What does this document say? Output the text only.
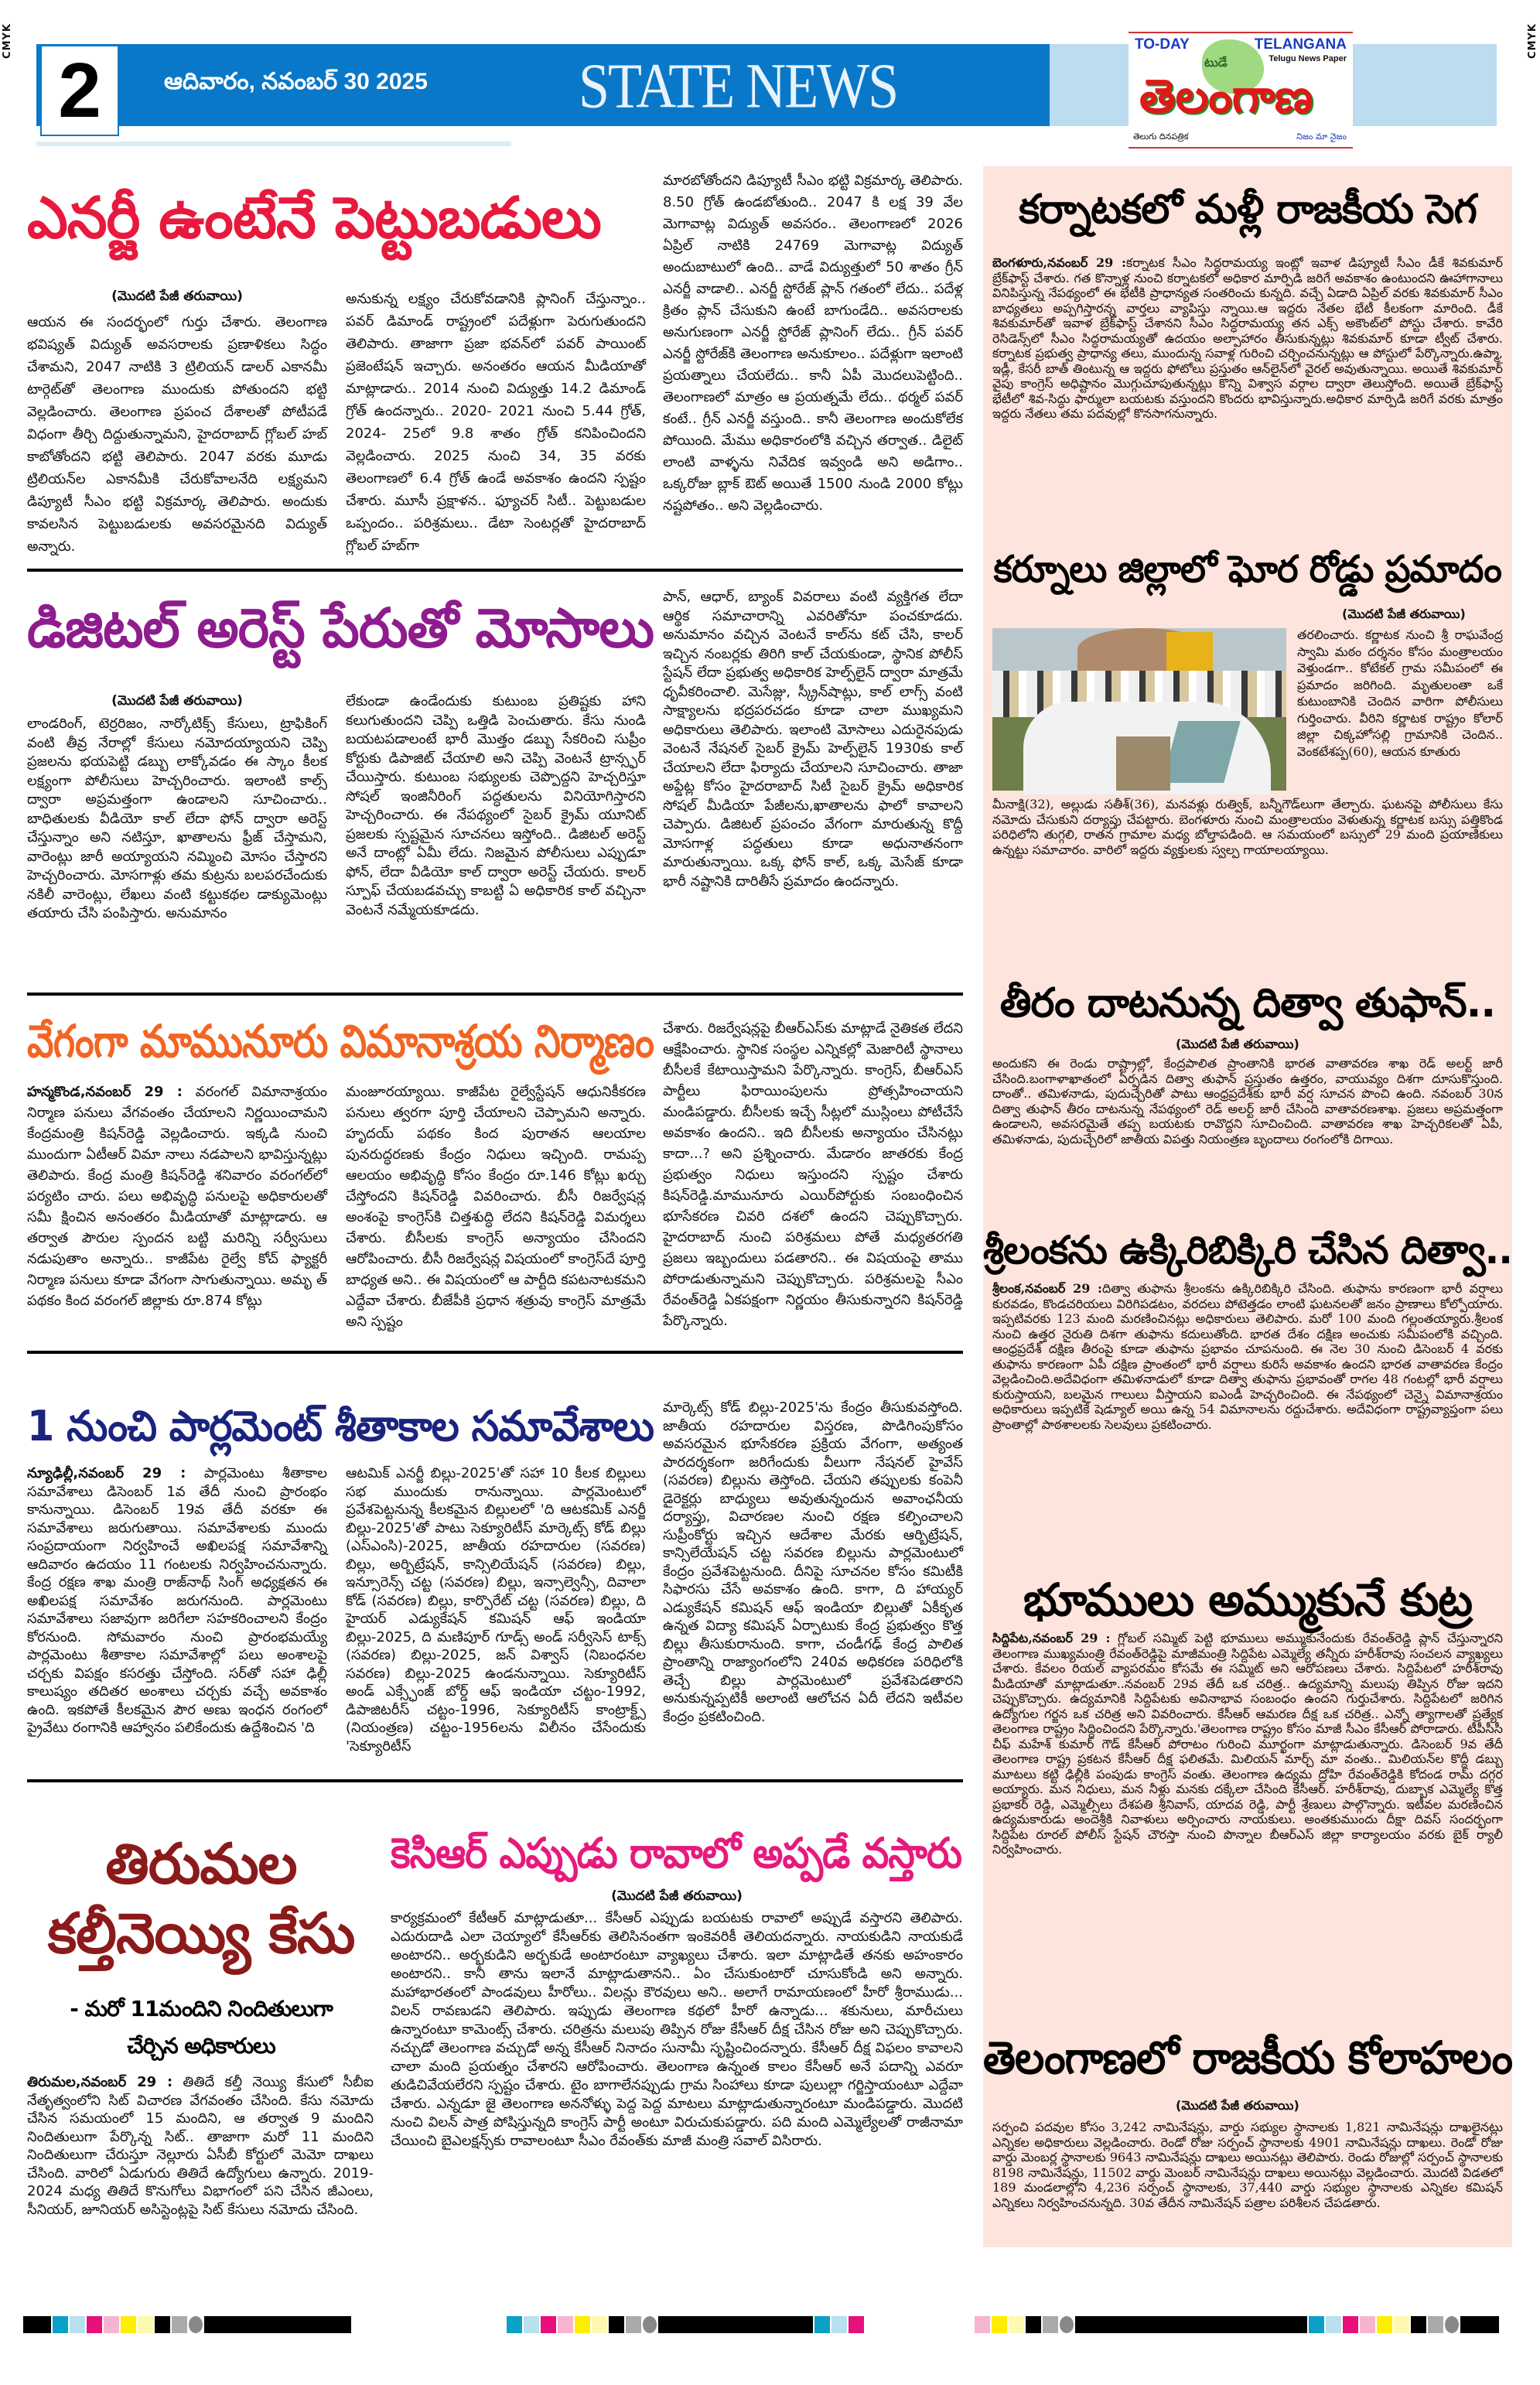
CMYK	CMYK
2	ఆదివారం, నవంబర్ 30 2025	STATE NEWS
TO-DAY	TELANGANA
Telugu News Paper
టుడే
తెలంగాణ
తెలుగు దినపత్రిక	నిజం మా నైజం
ఎనర్జీ ఉంటేనే పెట్టుబడులు
(మొదటి పేజీ తరువాయి)
ఆయన ఈ సందర్భంలో గుర్తు చేశారు. తెలంగాణ భవిష్యత్ విద్యుత్ అవసరాలకు ప్రణాళికలు సిద్ధం చేశామని, 2047 నాటికి 3 ట్రిలియన్ డాలర్ ఎకానమీ టార్గెట్‌తో తెలంగాణ ముందుకు పోతుందని భట్టి వెల్లడించారు. తెలంగాణ ప్రపంచ దేశాలతో పోటీపడే విధంగా తీర్చి దిద్దుతున్నామని, హైదరాబాద్ గ్లోబల్ హబ్ కాబోతోందని భట్టి తెలిపారు. 2047 వరకు మూడు ట్రిలియన్‌ల ఎకానమీకి చేరుకోవాలనేది లక్ష్యమని డిప్యూటీ సీఎం భట్టి విక్రమార్క తెలిపారు. అందుకు కావలసిన పెట్టుబడులకు అవసరమైనది విద్యుత్ అన్నారు.
అనుకున్న లక్ష్యం చేరుకోవడానికి ప్లానింగ్ చేస్తున్నాం.. పవర్ డిమాండ్ రాష్ట్రంలో పదేళ్లుగా పెరుగుతుందని తెలిపారు. తాజాగా ప్రజా భవన్‌లో పవర్ పాయింట్ ప్రజెంటేషన్ ఇచ్చారు. అనంతరం ఆయన మీడియాతో మాట్లాడారు.. 2014 నుంచి విద్యుత్తు 14.2 డిమాండ్ గ్రోత్ ఉందన్నారు.. 2020- 2021 నుంచి 5.44 గ్రోత్, 2024- 25లో 9.8 శాతం గ్రోత్ కనిపించిందని వెల్లడించారు. 2025 నుంచి 34, 35 వరకు తెలంగాణలో 6.4 గ్రోత్ ఉండే అవకాశం ఉందని స్పష్టం చేశారు. మూసీ ప్రక్షాళన.. ఫ్యూచర్ సిటీ.. పెట్టుబడుల ఒప్పందం.. పరిశ్రమలు.. డేటా సెంటర్లతో హైదరాబాద్ గ్లోబల్ హబ్‌గా
మారబోతోందని డిప్యూటీ సీఎం భట్టి విక్రమార్క తెలిపారు. 8.50 గ్రోత్ ఉండబోతుంది.. 2047 కి లక్ష 39 వేల మెగావాట్ల విద్యుత్ అవసరం.. తెలంగాణలో 2026 ఏప్రిల్ నాటికి 24769 మెగావాట్ల విద్యుత్ అందుబాటులో ఉంది.. వాడే విద్యుత్తులో 50 శాతం గ్రీన్ ఎనర్జీ వాడాలి.. ఎనర్జీ స్టోరేజ్ ప్లాన్ గతంలో లేదు.. పదేళ్ల క్రితం ప్లాన్ చేసుకుని ఉంటే బాగుండేది.. అవసరాలకు అనుగుణంగా ఎనర్జీ స్టోరేజ్ ప్లానింగ్ లేదు.. గ్రీన్ పవర్ ఎనర్జీ స్టోరేజ్‌కి తెలంగాణ అనుకూలం.. పదేళ్లుగా ఇలాంటి ప్రయత్నాలు చేయలేదు.. కానీ ఏపీ మొదలుపెట్టింది.. తెలంగాణలో మాత్రం ఆ ప్రయత్నమే లేదు.. థర్మల్ పవర్ కంటే.. గ్రీన్ ఎనర్జీ వస్తుంది.. కానీ తెలంగాణ అందుకోలేక పోయింది. మేము అధికారంలోకి వచ్చిన తర్వాత.. డిలైట్ లాంటి వాళ్ళను నివేదిక ఇవ్వండి అని అడిగాం.. ఒక్కరోజు బ్లాక్ ఔట్ అయితే 1500 నుండి 2000 కోట్లు నష్టపోతం.. అని వెల్లడించారు.
డిజిటల్ అరెస్ట్ పేరుతో మోసాలు
(మొదటి పేజీ తరువాయి)
లాండరింగ్, టెర్రరిజం, నార్కోటిక్స్ కేసులు, ట్రాఫికింగ్ వంటి తీవ్ర నేరాల్లో కేసులు నమోదయ్యాయని చెప్పి ప్రజలను భయపెట్టి డబ్బు లాక్కోవడం ఈ స్కాం కీలక లక్ష్యంగా పోలీసులు హెచ్చరించారు. ఇలాంటి కాల్స్ ద్వారా అప్రమత్తంగా ఉండాలని సూచించారు.. బాధితులకు వీడియో కాల్ లేదా ఫోన్ ద్వారా అరెస్ట్ చేస్తున్నాం అని నటిస్తూ, ఖాతాలను ఫ్రీజ్ చేస్తామని, వారెంట్లు జారీ అయ్యాయని నమ్మించి మోసం చేస్తారని హెచ్చరించారు. మోసగాళ్లు తమ కుట్రను బలపరచేందుకు నకిలీ వారెంట్లు, లేఖలు వంటి కట్టుకథల డాక్యుమెంట్లు తయారు చేసి పంపిస్తారు. అనుమానం
లేకుండా ఉండేందుకు కుటుంబ ప్రతిష్టకు హాని కలుగుతుందని చెప్పి ఒత్తిడి పెంచుతారు. కేసు నుండి బయటపడాలంటే భారీ మొత్తం డబ్బు సేకరించి సుప్రీం కోర్టుకు డిపాజిట్ చేయాలి అని చెప్పి వెంటనే ట్రాన్స్ఫర్ చేయిస్తారు. కుటుంబ సభ్యులకు చెప్పొద్దని హెచ్చరిస్తూ సోషల్ ఇంజినీరింగ్ పద్ధతులను వినియోగిస్తారని హెచ్చరించారు. ఈ నేపథ్యంలో సైబర్ క్రైమ్ యూనిట్ ప్రజలకు స్పష్టమైన సూచనలు ఇస్తోంది.. డిజిటల్ అరెస్ట్ అనే దాంట్లో ఏమీ లేదు. నిజమైన పోలీసులు ఎప్పుడూ ఫోన్, లేదా వీడియో కాల్ ద్వారా అరెస్ట్ చేయరు. కాలర్ స్పూఫ్ చేయబడవచ్చు కాబట్టి ఏ అధికారిక కాల్ వచ్చినా వెంటనే నమ్మేయకూడదు.
పాన్, ఆధార్, బ్యాంక్ వివరాలు వంటి వ్యక్తిగత లేదా ఆర్థిక సమాచారాన్ని ఎవరితోనూ పంచకూడదు. అనుమానం వచ్చిన వెంటనే కాల్‌ను కట్ చేసి, కాలర్ ఇచ్చిన నంబర్లకు తిరిగి కాల్ చేయకుండా, స్థానిక పోలీస్ స్టేషన్ లేదా ప్రభుత్వ అధికారిక హెల్ప్‌లైన్ ద్వారా మాత్రమే ధృవీకరించాలి. మెసేజ్లు, స్క్రీన్‌షాట్లు, కాల్ లాగ్స్ వంటి సాక్ష్యాలను భద్రపరచడం కూడా చాలా ముఖ్యమని అధికారులు తెలిపారు. ఇలాంటి మోసాలు ఎదురైనపుడు వెంటనే నేషనల్ సైబర్ క్రైమ్ హెల్ప్‌లైన్ 1930కు కాల్ చేయాలని లేదా ఫిర్యాదు చేయాలని సూచించారు. తాజా అప్డేట్ల కోసం హైదరాబాద్ సిటీ సైబర్ క్రైమ్ అధికారిక సోషల్ మీడియా పేజీలను,ఖాతాలను ఫాలో కావాలని చెప్పారు. డిజిటల్ ప్రపంచం వేగంగా మారుతున్న కొద్దీ మోసగాళ్ల పద్ధతులు కూడా అధునాతనంగా మారుతున్నాయి. ఒక్క ఫోన్ కాల్, ఒక్క మెసేజ్ కూడా భారీ నష్టానికి దారితీసే ప్రమాదం ఉందన్నారు.
వేగంగా మామునూరు విమానాశ్రయ నిర్మాణం
హన్మకొండ,నవంబర్ 29 : వరంగల్ విమానాశ్రయం నిర్మాణ పనులు వేగవంతం చేయాలని నిర్ణయించామని కేంద్రమంత్రి కిషన్‌రెడ్డి వెల్లడించారు. ఇక్కడి నుంచి ముందుగా ఏటీఆర్ విమా నాలు నడపాలని భావిస్తున్నట్లు తెలిపారు. కేంద్ర మంత్రి కిషన్‌రెడ్డి శనివారం వరంగల్‌లో పర్యటిం చారు. పలు అభివృద్ధి పనులపై అధికారులతో సమీ క్షించిన అనంతరం మీడియాతో మాట్లాడారు. ఆ తర్వాత పౌరుల స్పందన బట్టి మరిన్ని సర్వీసులు నడుపుతాం అన్నారు.. కాజీపేట రైల్వే కోచ్ ఫ్యాక్టరీ నిర్మాణ పనులు కూడా వేగంగా సాగుతున్నాయి. అమృ త్ పథకం కింద వరంగల్ జిల్లాకు రూ.874 కోట్లు
మంజూరయ్యాయి. కాజీపేట రైల్వేస్టేషన్ ఆధునికీకరణ పనులు త్వరగా పూర్తి చేయాలని చెప్పామని అన్నారు. హృదయ్ పథకం కింద పురాతన ఆలయాల పునరుద్ధరణకు కేంద్రం నిధులు ఇచ్చింది. రామప్ప ఆలయం అభివృద్ధి కోసం కేంద్రం రూ.146 కోట్లు ఖర్చు చేస్తోందని కిషన్‌రెడ్డి వివరించారు. బీసీ రిజర్వేషన్ల అంశంపై కాంగ్రెస్‌కి చిత్తశుద్ధి లేదని కిషన్‌రెడ్డి విమర్శలు చేశారు. బీసీలకు కాంగ్రెస్ అన్యాయం చేసిందని ఆరోపించారు. బీసీ రిజర్వేషన్ల విషయంలో కాంగ్రెస్‌దే పూర్తి బాధ్యత అని.. ఈ విషయంలో ఆ పార్టీది కపటనాటకమని ఎద్దేవా చేశారు. బీజేపీకి ప్రధాన శత్రువు కాంగ్రెస్ మాత్రమే అని స్పష్టం
చేశారు. రిజర్వేషన్లపై బీఆర్ఎస్‌కు మాట్లాడే నైతికత లేదని ఆక్షేపించారు. స్థానిక సంస్థల ఎన్నికల్లో మెజారిటీ స్థానాలు బీసీలకే కేటాయిస్తామని పేర్కొన్నారు. కాంగ్రెస్, బీఆర్ఎస్ పార్టీలు ఫిరాయింపులను ప్రోత్సహించాయని మండిపడ్డారు. బీసీలకు ఇచ్చే సీట్లలో ముస్లింలు పోటీచేసే అవకాశం ఉందని.. ఇది బీసీలకు అన్యాయం చేసినట్లు కాదా...? అని ప్రశ్నించారు. మేడారం జాతరకు కేంద్ర ప్రభుత్వం నిధులు ఇస్తుందని స్పష్టం చేశారు కిషన్‌రెడ్డి.మామునూరు ఎయిర్‌పోర్టుకు సంబంధించిన భూసేకరణ చివరి దశలో ఉందని చెప్పుకొచ్చారు. హైదరాబాద్ నుంచి పరిశ్రమలు పోతే మధ్యతరగతి ప్రజలు ఇబ్బందులు పడతారని.. ఈ విషయంపై తాము పోరాడుతున్నామని చెప్పుకొచ్చారు. పరిశ్రమలపై సీఎం రేవంత్‌రెడ్డి ఏకపక్షంగా నిర్ణయం తీసుకున్నారని కిషన్‌రెడ్డి పేర్కొన్నారు.
1 నుంచి పార్లమెంట్ శీతాకాల సమావేశాలు
న్యూఢిల్లీ,నవంబర్ 29 : పార్లమెంటు శీతాకాల సమావేశాలు డిసెంబర్ 1వ తేదీ నుంచి ప్రారంభం కానున్నాయి. డిసెంబర్ 19వ తేదీ వరకూ ఈ సమావేశాలు జరుగుతాయి. సమావేశాలకు ముందు సంప్రదాయంగా నిర్వహించే అఖిలపక్ష సమావేశాన్ని ఆదివారం ఉదయం 11 గంటలకు నిర్వహించనున్నారు. కేంద్ర రక్షణ శాఖ మంత్రి రాజ్‌నాథ్ సింగ్ అధ్యక్షతన ఈ అఖిలపక్ష సమావేశం జరుగనుంది. పార్లమెంటు సమావేశాలు సజావుగా జరిగేలా సహకరించాలని కేంద్రం కోరనుంది. సోమవారం నుంచి ప్రారంభమయ్యే పార్లమెంటు శీతాకాల సమావేశాల్లో పలు అంశాలపై చర్చకు విపక్షం కసరత్తు చేస్తోంది. సర్‌తో సహా ఢిల్లీ కాలుష్యం తదితర అంశాలు చర్చకు వచ్చే అవకాశం ఉంది. ఇకపోతే కీలకమైన పౌర అణు ఇంధన రంగంలో ప్రైవేటు రంగానికి ఆహ్వానం పలికేందుకు ఉద్దేశించిన 'ది
ఆటమిక్ ఎనర్జీ బిల్లు-2025'తో సహా 10 కీలక బిల్లులు సభ ముందుకు రానున్నాయి. పార్లమెంటులో ప్రవేశపెట్టనున్న కీలకమైన బిల్లులలో 'ది ఆటకమిక్ ఎనర్జీ బిల్లు-2025'తో పాటు సెక్యూరిటీస్ మార్కెట్స్ కోడ్ బిల్లు (ఎస్ఎంసి)-2025, జాతీయ రహదారుల (సవరణ) బిల్లు, అర్బిట్రేషన్, కాన్సిలియేషన్ (సవరణ) బిల్లు, ఇన్సూరెన్స్ చట్ట (సవరణ) బిల్లు, ఇన్సాల్వెన్సీ, దివాలా కోడ్ (సవరణ) బిల్లు, కార్పొరేట్ చట్ట (సవరణ) బిల్లు, ది హైయర్ ఎడ్యుకేషన్ కమిషన్ ఆఫ్ ఇండియా బిల్లు-2025, ది మణిపూర్ గూడ్స్ అండ్ సర్వీసెస్ టాక్స్ (సవరణ) బిల్లు-2025, జన్ విశ్వాస్ (నిబంధనల సవరణ) బిల్లు-2025 ఉండనున్నాయి. సెక్యూరిటీస్ అండ్ ఎక్స్ఛేంజ్ బోర్డ్ ఆఫ్ ఇండియా చట్టం-1992, డిపాజిటరీస్ చట్టం-1996, సెక్యూరిటీస్ కాంట్రాక్ట్స్ (నియంత్రణ) చట్టం-1956లను విలీనం చేసేందుకు 'సెక్యూరిటీస్
మార్కెట్స్ కోడ్ బిల్లు-2025'ను కేంద్రం తీసుకువస్తోంది. జాతీయ రహదారుల విస్తరణ, పొడిగింపుకోసం అవసరమైన భూసేకరణ ప్రక్రియ వేగంగా, అత్యంత పారదర్శకంగా జరిగేందుకు వీలుగా నేషనల్ హైవేస్ (సవరణ) బిల్లును తెస్తోంది. చేయని తప్పులకు కంపెనీ డైరెక్టర్లు బాధ్యులు అవుతున్నందున అవాంఛనీయ దర్యాప్తు, విచారణల నుంచి రక్షణ కల్పించాలని సుప్రీంకోర్టు ఇచ్చిన ఆదేశాల మేరకు ఆర్బిట్రేషన్, కాన్సిలేయేషన్ చట్ట సవరణ బిల్లును పార్లమెంటులో కేంద్రం ప్రవేశపెట్టనుంది. దీనిపై సూచనల కోసం కమిటీకి సిఫారసు చేసే అవకాశం ఉంది. కాగా, ది హాయ్యర్ ఎడ్యుకేషన్ కమిషన్ ఆఫ్ ఇండియా బిల్లుతో ఏకీకృత ఉన్నత విద్యా కమిషన్ ఏర్పాటుకు కేంద్ర ప్రభుత్వం కొత్త బిల్లు తీసుకురానుంది. కాగా, చండీగఢ్ కేంద్ర పాలిత ప్రాంతాన్ని రాజ్యాంగంలోని 240వ అధికరణ పరిధిలోకి తెచ్చే బిల్లు పార్లమెంటులో ప్రవేశపెడతారని అనుకున్నప్పటికీ అలాంటి ఆలోచన ఏదీ లేదని ఇటీవల కేంద్రం ప్రకటించింది.
తిరుమల
కల్తీనెయ్యి కేసు
- మరో 11మందిని నిందితులుగా
చేర్చిన అధికారులు
తిరుమల,నవంబర్ 29 : తితిదే కల్తీ నెయ్యి కేసులో సీబీఐ నేతృత్వంలోని సిట్ విచారణ వేగవంతం చేసింది. కేసు నమోదు చేసిన సమయంలో 15 మందిని, ఆ తర్వాత 9 మందిని నిందితులుగా పేర్కొన్న సిట్.. తాజాగా మరో 11 మందిని నిందితులుగా చేరుస్తూ నెల్లూరు ఏసీబీ కోర్టులో మెమో దాఖలు చేసింది. వారిలో ఏడుగురు తితిదే ఉద్యోగులు ఉన్నారు. 2019-2024 మధ్య తితిదే కొనుగోలు విభాగంలో పని చేసిన జీఎంలు, సీనియర్, జూనియర్ అసిస్టెంట్లపై సిట్ కేసులు నమోదు చేసింది.
కెసిఆర్ ఎప్పుడు రావాలో అప్పడే వస్తారు
(మొదటి పేజీ తరువాయి)
కార్యక్రమంలో కేటీఆర్ మాట్లాడుతూ... కేసీఆర్ ఎప్పుడు బయటకు రావాలో అప్పుడే వస్తారని తెలిపారు. ఎదురుదాడి ఎలా చెయ్యాలో కేసీఆర్‌కు తెలిసినంతగా ఇంకెవరికీ తెలియదన్నారు. నాయకుడిని నాయకుడే అంటారని.. అర్భకుడిని అర్భకుడే అంటారంటూ వ్యాఖ్యలు చేశారు. ఇలా మాట్లాడితే తనకు అహంకారం అంటారని.. కానీ తాను ఇలానే మాట్లాడుతానని.. ఏం చేసుకుంటారో చూసుకోండి అని అన్నారు. మహాభారతంలో పాండవులు హీరోలు.. విలన్లు కౌరవులు అని.. అలాగే రామాయణంలో హీరో శ్రీరాముడు... విలన్ రావణుడని తెలిపారు. ఇప్పుడు తెలంగాణ కథలో హీరో ఉన్నాడు... శకునులు, మారీచులు ఉన్నారంటూ కామెంట్స్ చేశారు. చరిత్రను మలుపు తిప్పిన రోజు కేసీఆర్ దీక్ష చేసిన రోజు అని చెప్పుకొచ్చారు. నచ్చుడో తెలంగాణ వచ్చుడో అన్న కేసీఆర్ నినాదం సునామీ సృష్టించిందన్నారు. కేసీఆర్ దీక్ష విఫలం కావాలని చాలా మంది ప్రయత్నం చేశారని ఆరోపించారు. తెలంగాణ ఉన్నంత కాలం కేసీఆర్ అనే పదాన్ని ఎవరూ తుడిచివేయలేరని స్పష్టం చేశారు. టైం బాగాలేనప్పుడు గ్రామ సింహాలు కూడా పులుల్లా గర్జిస్తాయంటూ ఎద్దేవా చేశారు. ఎన్నడూ జై తెలంగాణ అననోళ్ళు పెద్ద పెద్ద మాటలు మాట్లాడుతున్నారంటూ మండిపడ్డారు. మొదటి నుంచి విలన్ పాత్ర పోషిస్తున్నది కాంగ్రెస్ పార్టీ అంటూ విరుచుకుపడ్డారు. పది మంది ఎమ్మెల్యేలతో రాజీనామా చేయించి బైఎలక్షన్స్‌కు రావాలంటూ సీఎం రేవంత్‌కు మాజీ మంత్రి సవాల్ విసిరారు.
కర్నాటకలో మళ్లీ రాజకీయ సెగ
బెంగళూరు,నవంబర్ 29 :కర్నాటక సీఎం సిద్ధరామయ్య ఇంట్లో ఇవాళ డిప్యూటీ సీఎం డీకే శివకుమార్ బ్రేక్‌ఫాస్ట్ చేశారు. గత కొన్నాళ్ల నుంచి కర్నాటకలో అధికార మార్పిడి జరిగే అవకాశం ఉంటుందని ఊహాగానాలు వినిపిస్తున్న నేపథ్యంలో ఈ భేటీకి ప్రాధాన్యత సంతరించు కున్నది. వచ్చే ఏడాది ఏప్రిల్ వరకు శివకుమార్ సీఎం బాధ్యతలు అప్పగిస్తారన్న వార్తలు వ్యాపిస్తు న్నాయి.ఆ ఇద్దరు నేతల భేటీ కీలకంగా మారింది. డీకే శివకుమార్‌తో ఇవాళ బ్రేక్‌ఫాస్ట్ చేశానని సీఎం సిద్ధరామయ్య తన ఎక్స్ అకౌంట్‌లో పోస్టు చేశారు. కావేరి రెసిడెన్స్‌లో సీఎం సిద్ధరామయ్యతో ఉదయం అల్పాహారం తీసుకున్నట్లు శివకుమార్ కూడా ట్వీట్ చేశారు. కర్నాటక ప్రభుత్వ ప్రాధాన్య తలు, ముందున్న సవాళ్ల గురించి చర్చించనున్నట్లు ఆ పోస్టులో పేర్కొన్నారు.ఉప్మా, ఇడ్లీ, కేసరీ బాత్ తింటున్న ఆ ఇద్దరు ఫోటోలు ప్రస్తుతం ఆన్‌లైన్‌లో వైరల్ అవుతున్నాయి. అయితే శివకుమార్ వైపు కాంగ్రెస్ అధిష్టానం మొగ్గుచూపుతున్నట్లు కొన్ని విశ్వాస వర్గాల ద్వారా తెలుస్తోంది. అయితే బ్రేక్‌ఫాస్ట్ భేటీలో శివ-సిద్ధు ఫార్ములా బయటకు వస్తుందని కొందరు భావిస్తున్నారు.అధికార మార్పిడి జరిగే వరకు మాత్రం ఇద్దరు నేతలు తమ పదవుల్లో కొనసాగనున్నారు.
కర్నూలు జిల్లాలో ఘోర రోడ్డు ప్రమాదం
(మొదటి పేజీ తరువాయి)
తరలించారు. కర్ణాటక నుంచి శ్రీ రాఘవేంద్ర స్వామి మఠం దర్శనం కోసం మంత్రాలయం వెళ్తుండగా.. కోటేకల్ గ్రామ సమీపంలో ఈ ప్రమాదం జరిగింది. మృతులంతా ఒకే కుటుంబానికి చెందిన వారిగా పోలీసులు గుర్తించారు. వీరిని కర్ణాటక రాష్ట్రం కోలార్ జిల్లా చిక్కహోసల్లి గ్రామానికి చెందిన.. వెంకటేశప్ప(60), ఆయన కూతురు
మీనాక్షి(32), అల్లుడు సతీశ్(36), మనవళ్లు రుత్విక్, బన్నీగౌడ్‌లుగా తేల్చారు. ఘటనపై పోలీసులు కేసు నమోదు చేసుకుని దర్యాప్తు చేపట్టారు. బెంగళూరు నుంచి మంత్రాలయం వెళుతున్న కర్ణాటక బస్సు పత్తికొండ పరిధిలోని తుగ్గలి, రాతన గ్రామాల మధ్య బోల్తాపడింది. ఆ సమయంలో బస్సులో 29 మంది ప్రయాణికులు ఉన్నట్టు సమాచారం. వారిలో ఇద్దరు వ్యక్తులకు స్వల్ప గాయాలయ్యాయి.
తీరం దాటనున్న దిత్వా తుఫాన్..
(మొదటి పేజీ తరువాయి)
అందుకని ఈ రెండు రాష్ట్రాల్లో, కేంద్రపాలిత ప్రాంతానికి భారత వాతావరణ శాఖ రెడ్ అలర్ట్ జారీ చేసింది.బంగాళాఖాతంలో ఏర్పడిన దిత్వా తుఫాన్ ప్రస్తుతం ఉత్తరం, వాయువ్యం దిశగా దూసుకొస్తుంది. దాంతో.. తమిళనాడు, పుదుచ్చేరితో పాటు ఆంధ్రప్రదేశ్‌కు భారీ వర్ష సూచన పొంచి ఉంది. నవంబర్ 30న దిత్వా తుఫాన్ తీరం దాటనున్న నేపథ్యంలో రెడ్ అలర్ట్ జారీ చేసింది వాతావరణశాఖ. ప్రజలు అప్రమత్తంగా ఉండాలని, అవసరమైతే తప్ప బయటకు రావొద్దని సూచించింది. వాతావరణ శాఖ హెచ్చరికలతో ఏపీ, తమిళనాడు, పుదుచ్చేరిలో జాతీయ విపత్తు నియంత్రణ బృందాలు రంగంలోకి దిగాయి.
శ్రీలంకను ఉక్కిరిబిక్కిరి చేసిన దిత్వా..
శ్రీలంక,నవంబర్ 29 :దిత్వా తుఫాను శ్రీలంకను ఉక్కిరిబిక్కిరి చేసింది. తుఫాను కారణంగా భారీ వర్షాలు కురవడం, కొండచరియలు విరిగిపడటం, వరదలు పోటెత్తడం లాంటి ఘటనలతో జనం ప్రాణాలు కోల్పోయారు. ఇప్పటివరకు 123 మంది మరణించినట్లు అధికారులు తెలిపారు. మరో 100 మంది గల్లంతయ్యారు.శ్రీలంక నుంచి ఉత్తర నైరుతి దిశగా తుఫాను కదులుతోంది. భారత దేశం దక్షిణ అంచుకు సమీపంలోకి వచ్చింది. ఆంధ్రప్రదేశ్ దక్షిణ తీరంపై కూడా తుఫాను ప్రభావం చూపనుంది. ఈ నెల 30 నుంచి డిసెంబర్ 4 వరకు తుఫాను కారణంగా ఏపీ దక్షిణ ప్రాంతంలో భారీ వర్షాలు కురిసే అవకాశం ఉందని భారత వాతావరణ కేంద్రం వెల్లడించింది.అదేవిధంగా తమిళనాడులో కూడా దిత్వా తుఫాను ప్రభావంతో రాగల 48 గంటల్లో భారీ వర్షాలు కురుస్తాయని, బలమైన గాలులు వీస్తాయని ఐఎండీ హెచ్చరించింది. ఈ నేపథ్యంలో చెన్నై విమానాశ్రయం అధికారులు ఇప్పటికే షెడ్యూల్ అయి ఉన్న 54 విమానాలను రద్దుచేశారు. అదేవిధంగా రాష్ట్రవ్యాప్తంగా పలు ప్రాంతాల్లో పాఠశాలలకు సెలవులు ప్రకటించారు.
భూములు అమ్ముకునే కుట్ర
సిద్దిపేట,నవంబర్ 29 : గ్లోబల్ సమ్మిట్ పెట్టి భూములు అమ్ముకునేందుకు రేవంత్‌రెడ్డి ప్లాన్ చేస్తున్నారని తెలంగాణ ముఖ్యమంత్రి రేవంత్‌రెడ్డిపై మాజీమంత్రి సిద్దిపేట ఎమ్మెల్యే తన్నీరు హరీశ్‌రావు సంచలన వ్యాఖ్యలు చేశారు. కేవలం రియల్ వ్యాపరమం కోసమే ఈ సమ్మిట్ అని ఆరోపణలు చేశారు. సిద్దిపేటలో హరీశ్‌రావు మీడియాతో మాట్లాడుతూ..నవంబర్ 29వ తేదీ ఒక చరిత్ర.. ఉద్యమాన్ని మలుపు తిప్పిన రోజు ఇదని చెప్పుకొచ్చారు. ఉద్యమానికి సిద్దిపేటకు అవినాభావ సంబంధం ఉందని గుర్తుచేశారు. సిద్దిపేటలో జరిగిన ఉద్యోగుల గర్జన ఒక చరిత్ర అని వివరించారు. కేసీఆర్ ఆమరణ దీక్ష ఒక చరిత్ర.. ఎన్నో త్యాగాలతో ప్రత్యేక తెలంగాణ రాష్ట్రం సిద్ధించిందని పేర్కొన్నారు.'తెలంగాణ రాష్ట్రం కోసం మాజీ సీఎం కేసీఆర్ పోరాడారు. టీపీసీసీ చీఫ్ మహేశ్ కుమార్ గౌడ్ కేసీఆర్ పోరాటం గురించి మూర్ఖంగా మాట్లాడుతున్నారు. డిసెంబర్ 9వ తేదీ తెలంగాణ రాష్ట్ర ప్రకటన కేసీఆర్ దీక్ష ఫలితమే. మిలియన్ మార్చ్ మా వంతు.. మిలియన్‌ల కొద్దీ డబ్బు మూటలు కట్టి ఢిల్లీకి పంపుడు కాంగ్రెస్ వంతు. తెలంగాణ ఉద్యమ ద్రోహి రేవంత్‌రెడ్డికి కోదండ రామ్ దగ్గర అయ్యారు. మన నిధులు, మన నీళ్లు మనకు దక్కేలా చేసింది కేసీఆర్. హరీశ్‌రావు, దుబ్బాక ఎమ్మెల్యే కొత్త ప్రభాకర్ రెడ్డి, ఎమ్మెల్సీలు దేశపతి శ్రీనివాస్, యాదవ రెడ్డి, పార్టీ శ్రేణులు పాల్గొన్నారు. ఇటీవల మరణించిన ఉద్యమకారుడు అందెశ్రీకి నివాళులు అర్పించారు నాయకులు. అంతకుముందు దీక్షా దివస్ సందర్భంగా సిద్దిపేట రూరల్ పోలీస్ స్టేషన్ చౌరస్తా నుంచి పొన్నాల బీఆర్ఎస్ జిల్లా కార్యాలయం వరకు బైక్ ర్యాలీ నిర్వహించారు.
తెలంగాణలో రాజకీయ కోలాహలం
(మొదటి పేజీ తరువాయి)
సర్పంచి పదవుల కోసం 3,242 నామినేషన్లు, వార్డు సభ్యుల స్థానాలకు 1,821 నామినేషన్లు దాఖలైనట్లు ఎన్నికల అధికారులు వెల్లడించారు. రెండో రోజు సర్పంచ్ స్థానాలకు 4901 నామినేషన్లు దాఖలు. రెండో రోజు వార్డు మెంబర్ల స్థానాలకు 9643 నామినేషన్లు దాఖలు అయినట్లు తెలిపారు. రెండు రోజుల్లో సర్పంచ్ స్థానాలకు 8198 నామినేషన్లు, 11502 వార్డు మెంబర్ నామినేషన్లు దాఖలు అయినట్లు వెల్లడించారు. మొదటి విడతలో 189 మండలాల్లోని 4,236 సర్పంచ్ స్థానాలకు, 37,440 వార్డు సభ్యుల స్థానాలకు ఎన్నికల కమిషన్ ఎన్నికలు నిర్వహించనున్నది. 30వ తేదీన నామినేషన్ పత్రాల పరిశీలన చేపడతారు.
